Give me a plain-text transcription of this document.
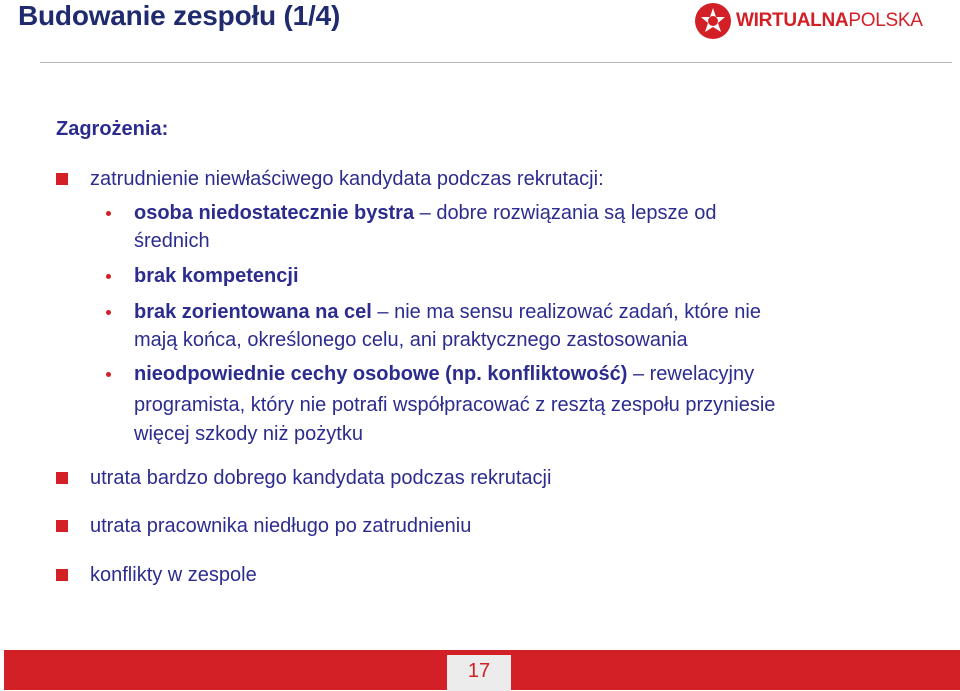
Budowanie zespołu (1/4)	WIRTUALNAPOLSKA
Zagrożenia:
zatrudnienie niewłaściwego kandydata podczas rekrutacji:
osoba niedostatecznie bystra – dobre rozwiązania są lepsze od
średnich
brak kompetencji
brak zorientowana na cel – nie ma sensu realizować zadań, które nie
mają końca, określonego celu, ani praktycznego zastosowania
nieodpowiednie cechy osobowe (np. konfliktowość) – rewelacyjny
programista, który nie potrafi współpracować z resztą zespołu przyniesie
więcej szkody niż pożytku
utrata bardzo dobrego kandydata podczas rekrutacji
utrata pracownika niedługo po zatrudnieniu
konflikty w zespole
17
